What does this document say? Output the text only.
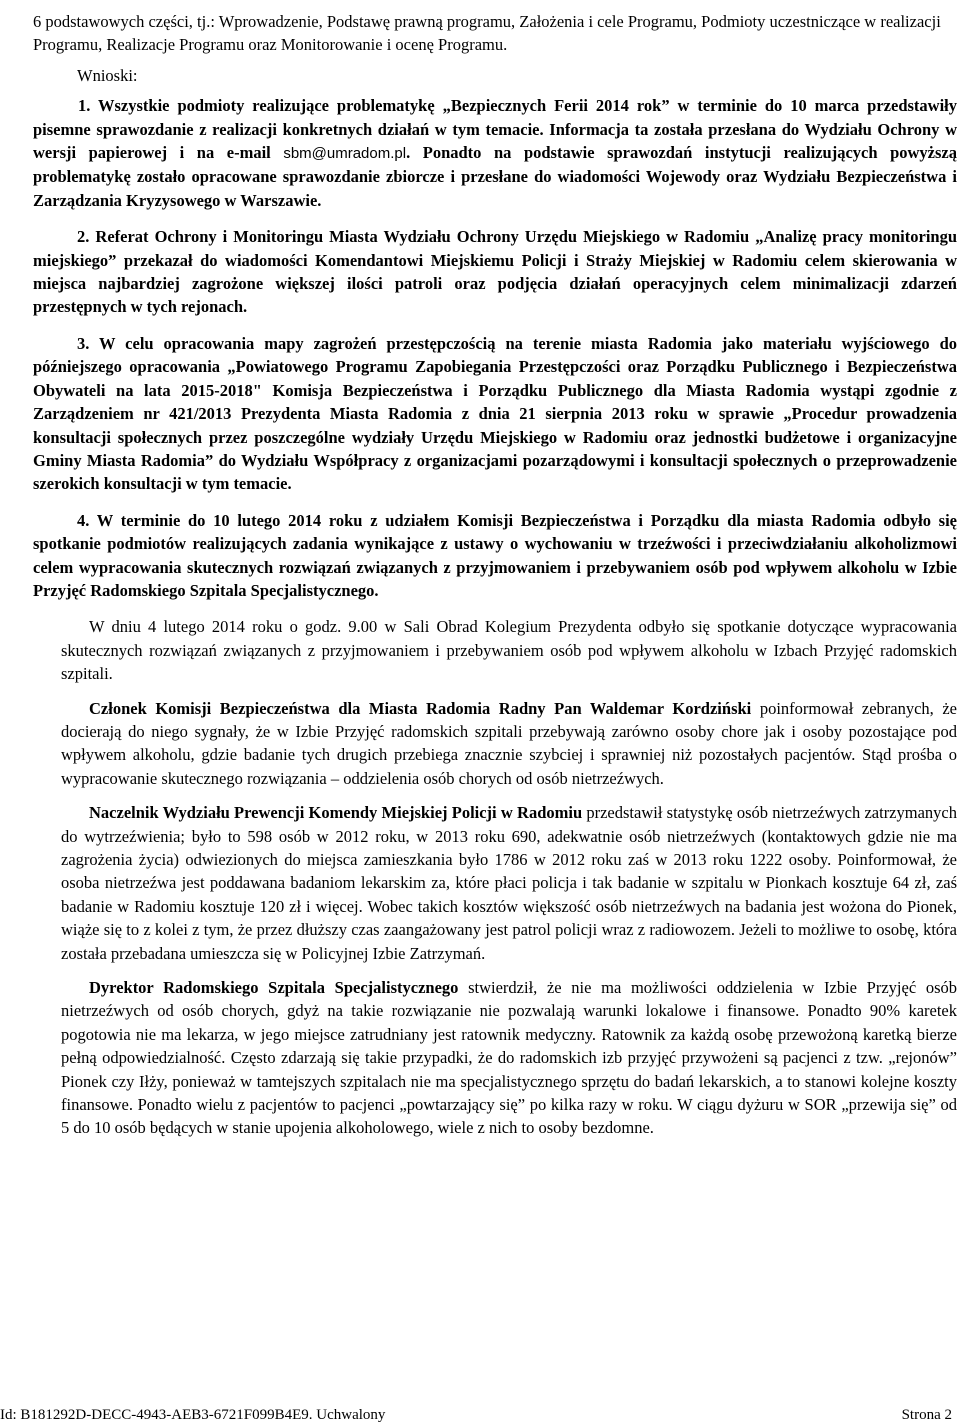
6 podstawowych części, tj.: Wprowadzenie, Podstawę prawną programu, Założenia i cele Programu, Podmioty uczestniczące w realizacji Programu, Realizacje Programu oraz Monitorowanie i ocenę Programu.

Wnioski:

1. Wszystkie podmioty realizujące problematykę „Bezpiecznych Ferii 2014 rok” w terminie do 10 marca przedstawiły pisemne sprawozdanie z realizacji konkretnych działań w tym temacie. Informacja ta została przesłana do Wydziału Ochrony w wersji papierowej i na e-mail sbm@umradom.pl. Ponadto na podstawie sprawozdań instytucji realizujących powyższą problematykę zostało opracowane sprawozdanie zbiorcze i przesłane do wiadomości Wojewody oraz Wydziału Bezpieczeństwa i Zarządzania Kryzysowego w Warszawie.

2. Referat Ochrony i Monitoringu Miasta Wydziału Ochrony Urzędu Miejskiego w Radomiu „Analizę pracy monitoringu miejskiego” przekazał do wiadomości Komendantowi Miejskiemu Policji i Straży Miejskiej w Radomiu celem skierowania w miejsca najbardziej zagrożone większej ilości patroli oraz podjęcia działań operacyjnych celem minimalizacji zdarzeń przestępnych w tych rejonach.

3. W celu opracowania mapy zagrożeń przestępczością na terenie miasta Radomia jako materiału wyjściowego do późniejszego opracowania „Powiatowego Programu Zapobiegania Przestępczości oraz Porządku Publicznego i Bezpieczeństwa Obywateli na lata 2015-2018" Komisja Bezpieczeństwa i Porządku Publicznego dla Miasta Radomia wystąpi zgodnie z Zarządzeniem nr 421/2013 Prezydenta Miasta Radomia z dnia 21 sierpnia 2013 roku w sprawie „Procedur prowadzenia konsultacji społecznych przez poszczególne wydziały Urzędu Miejskiego w Radomiu oraz jednostki budżetowe i organizacyjne Gminy Miasta Radomia” do Wydziału Współpracy z organizacjami pozarządowymi i konsultacji społecznych o przeprowadzenie szerokich konsultacji w tym temacie.

4. W terminie do 10 lutego 2014 roku z udziałem Komisji Bezpieczeństwa i Porządku dla miasta Radomia odbyło się spotkanie podmiotów realizujących zadania wynikające z ustawy o wychowaniu w trzeźwości i przeciwdziałaniu alkoholizmowi celem wypracowania skutecznych rozwiązań związanych z przyjmowaniem i przebywaniem osób pod wpływem alkoholu w Izbie Przyjęć Radomskiego Szpitala Specjalistycznego.

W dniu 4 lutego 2014 roku o godz. 9.00 w Sali Obrad Kolegium Prezydenta odbyło się spotkanie dotyczące wypracowania skutecznych rozwiązań związanych z przyjmowaniem i przebywaniem osób pod wpływem alkoholu w Izbach Przyjęć radomskich szpitali.

Członek Komisji Bezpieczeństwa dla Miasta Radomia Radny Pan Waldemar Kordziński poinformował zebranych, że docierają do niego sygnały, że w Izbie Przyjęć radomskich szpitali przebywają zarówno osoby chore jak i osoby pozostające pod wpływem alkoholu, gdzie badanie tych drugich przebiega znacznie szybciej i sprawniej niż pozostałych pacjentów. Stąd prośba o wypracowanie skutecznego rozwiązania – oddzielenia osób chorych od osób nietrzeźwych.

Naczelnik Wydziału Prewencji Komendy Miejskiej Policji w Radomiu przedstawił statystykę osób nietrzeźwych zatrzymanych do wytrzeźwienia; było to 598 osób w 2012 roku, w 2013 roku 690, adekwatnie osób nietrzeźwych (kontaktowych gdzie nie ma zagrożenia życia) odwiezionych do miejsca zamieszkania było 1786 w 2012 roku zaś w 2013 roku 1222 osoby. Poinformował, że osoba nietrzeźwa jest poddawana badaniom lekarskim za, które płaci policja i tak badanie w szpitalu w Pionkach kosztuje 64 zł, zaś badanie w Radomiu kosztuje 120 zł i więcej. Wobec takich kosztów większość osób nietrzeźwych na badania jest wożona do Pionek, wiąże się to z kolei z tym, że przez dłuższy czas zaangażowany jest patrol policji wraz z radiowozem. Jeżeli to możliwe to osobę, która została przebadana umieszcza się w Policyjnej Izbie Zatrzymań.

Dyrektor Radomskiego Szpitala Specjalistycznego stwierdził, że nie ma możliwości oddzielenia w Izbie Przyjęć osób nietrzeźwych od osób chorych, gdyż na takie rozwiązanie nie pozwalają warunki lokalowe i finansowe. Ponadto 90% karetek pogotowia nie ma lekarza, w jego miejsce zatrudniany jest ratownik medyczny. Ratownik za każdą osobę przewożoną karetką bierze pełną odpowiedzialność. Często zdarzają się takie przypadki, że do radomskich izb przyjęć przywożeni są pacjenci z tzw. „rejonów” Pionek czy Iłży, ponieważ w tamtejszych szpitalach nie ma specjalistycznego sprzętu do badań lekarskich, a to stanowi kolejne koszty finansowe. Ponadto wielu z pacjentów to pacjenci „powtarzający się” po kilka razy w roku. W ciągu dyżuru w SOR „przewija się” od 5 do 10 osób będących w stanie upojenia alkoholowego, wiele z nich to osoby bezdomne.

Id: B181292D-DECC-4943-AEB3-6721F099B4E9. Uchwalony	Strona 2
